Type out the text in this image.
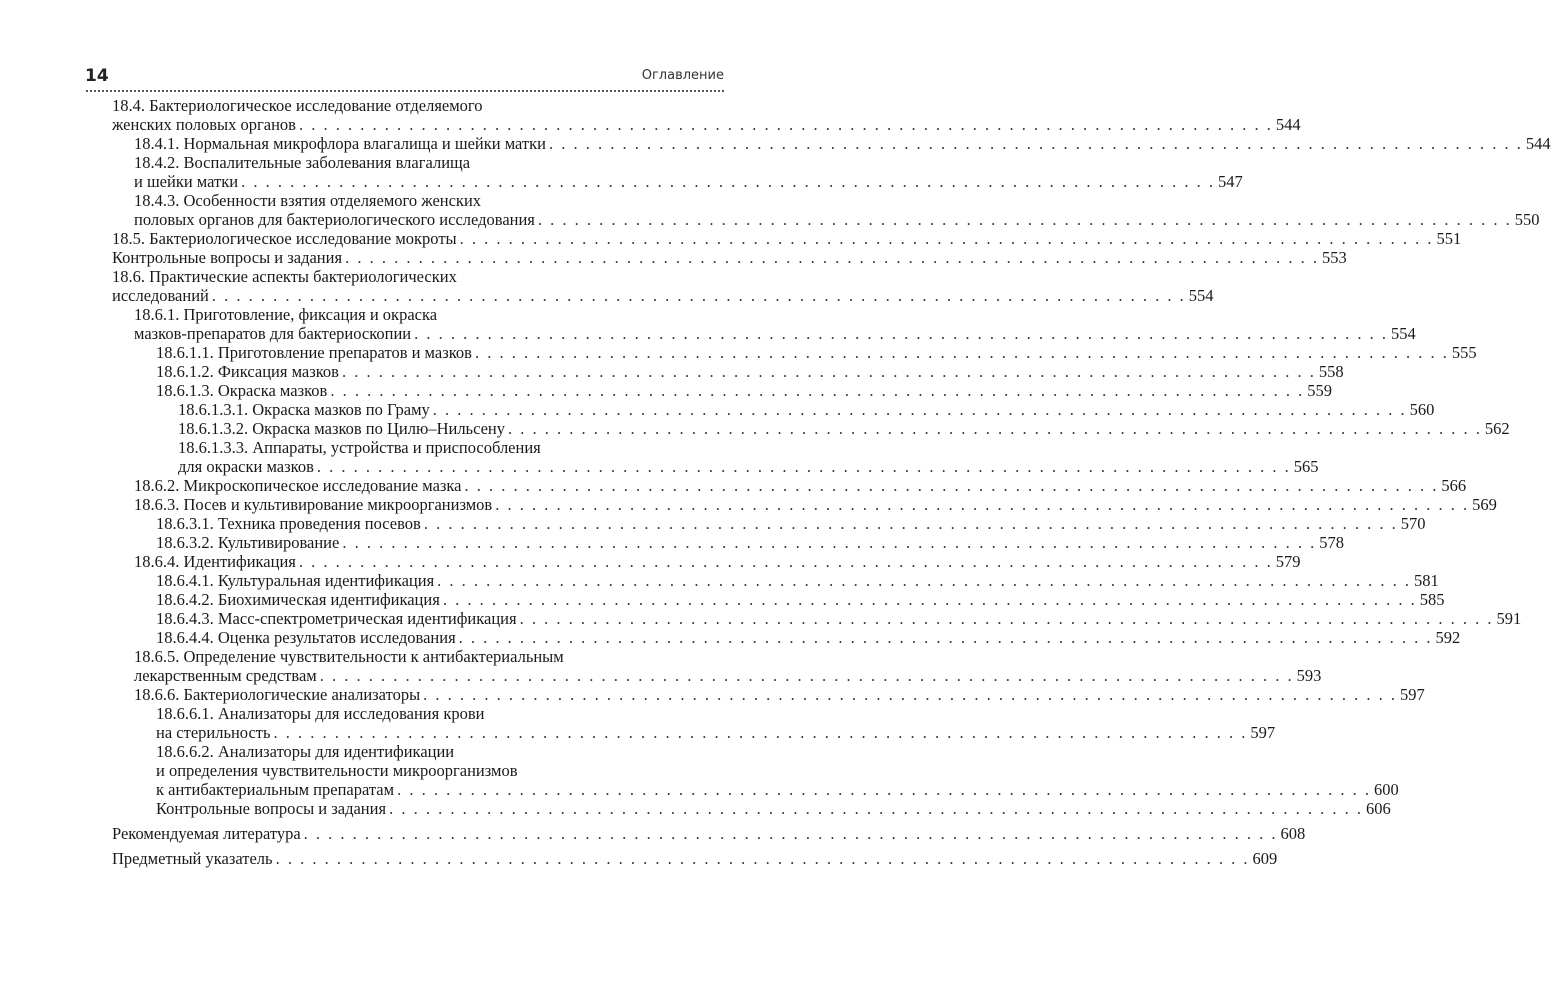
14	Оглавление
18.4. Бактериологическое исследование отделяемого
женских половых органов . . . . . . . . . . . . . . . . . . . . . . . . . . . . . . . . . . . . . . . . . . . . . . . . . . . . . . . . . . . . . . . . . . . . . . . . . . . . . . . . 544
18.4.1. Нормальная микрофлора влагалища и шейки матки . . . . . . . . . . . . . . . . . . . . . . . . . . . . . . . . . . . . . . . . . . . . . . . . . . . . . . . . . . . . . . . . . . . . . . . . . . . . . . . . 544
18.4.2. Воспалительные заболевания влагалища
и шейки матки . . . . . . . . . . . . . . . . . . . . . . . . . . . . . . . . . . . . . . . . . . . . . . . . . . . . . . . . . . . . . . . . . . . . . . . . . . . . . . . . 547
18.4.3. Особенности взятия отделяемого женских
половых органов для бактериологического исследования . . . . . . . . . . . . . . . . . . . . . . . . . . . . . . . . . . . . . . . . . . . . . . . . . . . . . . . . . . . . . . . . . . . . . . . . . . . . . . . . 550
18.5. Бактериологическое исследование мокроты . . . . . . . . . . . . . . . . . . . . . . . . . . . . . . . . . . . . . . . . . . . . . . . . . . . . . . . . . . . . . . . . . . . . . . . . . . . . . . . . 551
Контрольные вопросы и задания . . . . . . . . . . . . . . . . . . . . . . . . . . . . . . . . . . . . . . . . . . . . . . . . . . . . . . . . . . . . . . . . . . . . . . . . . . . . . . . . 553
18.6. Практические аспекты бактериологических
исследований . . . . . . . . . . . . . . . . . . . . . . . . . . . . . . . . . . . . . . . . . . . . . . . . . . . . . . . . . . . . . . . . . . . . . . . . . . . . . . . . 554
18.6.1. Приготовление, фиксация и окраска
мазков-препаратов для бактериоскопии . . . . . . . . . . . . . . . . . . . . . . . . . . . . . . . . . . . . . . . . . . . . . . . . . . . . . . . . . . . . . . . . . . . . . . . . . . . . . . . . 554
18.6.1.1. Приготовление препаратов и мазков . . . . . . . . . . . . . . . . . . . . . . . . . . . . . . . . . . . . . . . . . . . . . . . . . . . . . . . . . . . . . . . . . . . . . . . . . . . . . . . . 555
18.6.1.2. Фиксация мазков . . . . . . . . . . . . . . . . . . . . . . . . . . . . . . . . . . . . . . . . . . . . . . . . . . . . . . . . . . . . . . . . . . . . . . . . . . . . . . . . 558
18.6.1.3. Окраска мазков . . . . . . . . . . . . . . . . . . . . . . . . . . . . . . . . . . . . . . . . . . . . . . . . . . . . . . . . . . . . . . . . . . . . . . . . . . . . . . . . 559
18.6.1.3.1. Окраска мазков по Граму . . . . . . . . . . . . . . . . . . . . . . . . . . . . . . . . . . . . . . . . . . . . . . . . . . . . . . . . . . . . . . . . . . . . . . . . . . . . . . . . 560
18.6.1.3.2. Окраска мазков по Цилю–Нильсену . . . . . . . . . . . . . . . . . . . . . . . . . . . . . . . . . . . . . . . . . . . . . . . . . . . . . . . . . . . . . . . . . . . . . . . . . . . . . . . . 562
18.6.1.3.3. Аппараты, устройства и приспособления
для окраски мазков . . . . . . . . . . . . . . . . . . . . . . . . . . . . . . . . . . . . . . . . . . . . . . . . . . . . . . . . . . . . . . . . . . . . . . . . . . . . . . . . 565
18.6.2. Микроскопическое исследование мазка . . . . . . . . . . . . . . . . . . . . . . . . . . . . . . . . . . . . . . . . . . . . . . . . . . . . . . . . . . . . . . . . . . . . . . . . . . . . . . . . 566
18.6.3. Посев и культивирование микроорганизмов . . . . . . . . . . . . . . . . . . . . . . . . . . . . . . . . . . . . . . . . . . . . . . . . . . . . . . . . . . . . . . . . . . . . . . . . . . . . . . . . 569
18.6.3.1. Техника проведения посевов . . . . . . . . . . . . . . . . . . . . . . . . . . . . . . . . . . . . . . . . . . . . . . . . . . . . . . . . . . . . . . . . . . . . . . . . . . . . . . . . 570
18.6.3.2. Культивирование . . . . . . . . . . . . . . . . . . . . . . . . . . . . . . . . . . . . . . . . . . . . . . . . . . . . . . . . . . . . . . . . . . . . . . . . . . . . . . . . 578
18.6.4. Идентификация . . . . . . . . . . . . . . . . . . . . . . . . . . . . . . . . . . . . . . . . . . . . . . . . . . . . . . . . . . . . . . . . . . . . . . . . . . . . . . . . 579
18.6.4.1. Культуральная идентификация . . . . . . . . . . . . . . . . . . . . . . . . . . . . . . . . . . . . . . . . . . . . . . . . . . . . . . . . . . . . . . . . . . . . . . . . . . . . . . . . 581
18.6.4.2. Биохимическая идентификация . . . . . . . . . . . . . . . . . . . . . . . . . . . . . . . . . . . . . . . . . . . . . . . . . . . . . . . . . . . . . . . . . . . . . . . . . . . . . . . . 585
18.6.4.3. Масс-спектрометрическая идентификация . . . . . . . . . . . . . . . . . . . . . . . . . . . . . . . . . . . . . . . . . . . . . . . . . . . . . . . . . . . . . . . . . . . . . . . . . . . . . . . . 591
18.6.4.4. Оценка результатов исследования . . . . . . . . . . . . . . . . . . . . . . . . . . . . . . . . . . . . . . . . . . . . . . . . . . . . . . . . . . . . . . . . . . . . . . . . . . . . . . . . 592
18.6.5. Определение чувствительности к антибактериальным
лекарственным средствам . . . . . . . . . . . . . . . . . . . . . . . . . . . . . . . . . . . . . . . . . . . . . . . . . . . . . . . . . . . . . . . . . . . . . . . . . . . . . . . . 593
18.6.6. Бактериологические анализаторы . . . . . . . . . . . . . . . . . . . . . . . . . . . . . . . . . . . . . . . . . . . . . . . . . . . . . . . . . . . . . . . . . . . . . . . . . . . . . . . . 597
18.6.6.1. Анализаторы для исследования крови
на стерильность . . . . . . . . . . . . . . . . . . . . . . . . . . . . . . . . . . . . . . . . . . . . . . . . . . . . . . . . . . . . . . . . . . . . . . . . . . . . . . . . 597
18.6.6.2. Анализаторы для идентификации
и определения чувствительности микроорганизмов
к антибактериальным препаратам . . . . . . . . . . . . . . . . . . . . . . . . . . . . . . . . . . . . . . . . . . . . . . . . . . . . . . . . . . . . . . . . . . . . . . . . . . . . . . . . 600
Контрольные вопросы и задания . . . . . . . . . . . . . . . . . . . . . . . . . . . . . . . . . . . . . . . . . . . . . . . . . . . . . . . . . . . . . . . . . . . . . . . . . . . . . . . . 606
Рекомендуемая литература . . . . . . . . . . . . . . . . . . . . . . . . . . . . . . . . . . . . . . . . . . . . . . . . . . . . . . . . . . . . . . . . . . . . . . . . . . . . . . . . 608
Предметный указатель . . . . . . . . . . . . . . . . . . . . . . . . . . . . . . . . . . . . . . . . . . . . . . . . . . . . . . . . . . . . . . . . . . . . . . . . . . . . . . . . 609
